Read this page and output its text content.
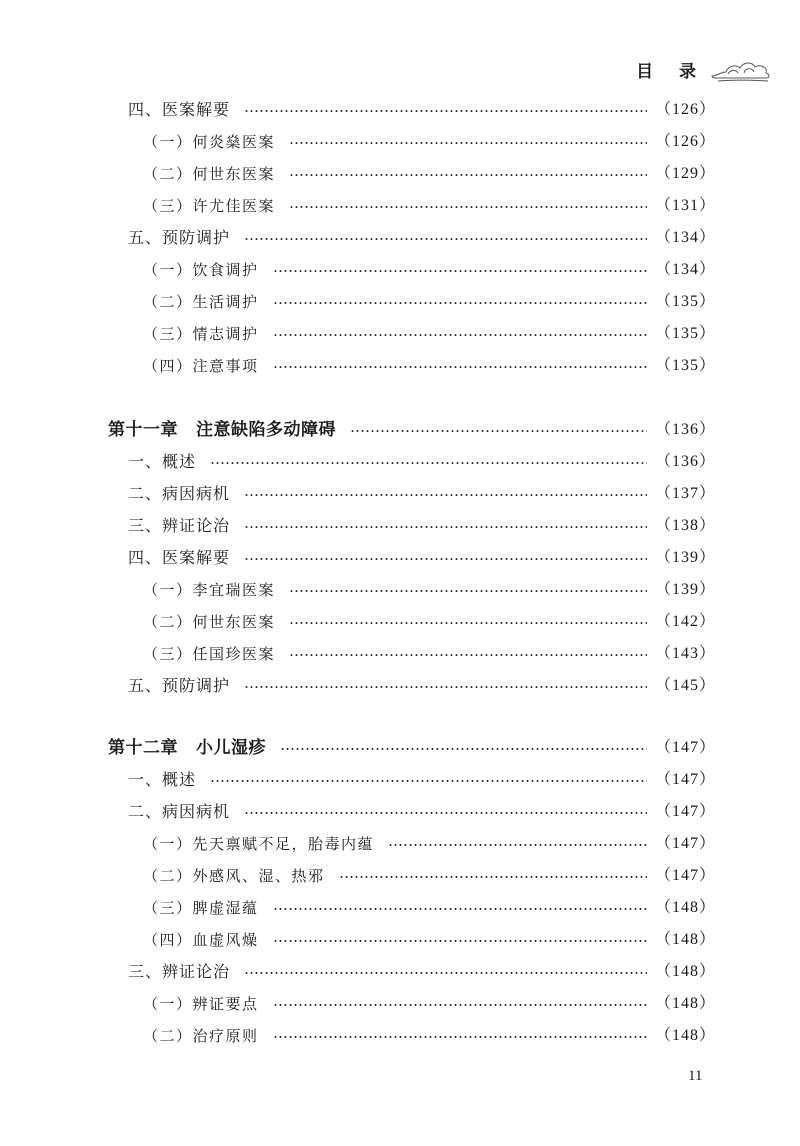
目 录
四、医案解要	（126）
（一）何炎燊医案	（126）
（二）何世东医案	（129）
（三）许尤佳医案	（131）
五、预防调护	（134）
（一）饮食调护	（134）
（二）生活调护	（135）
（三）情志调护	（135）
（四）注意事项	（135）
第十一章 注意缺陷多动障碍	（136）
一、概述	（136）
二、病因病机	（137）
三、辨证论治	（138）
四、医案解要	（139）
（一）李宜瑞医案	（139）
（二）何世东医案	（142）
（三）任国珍医案	（143）
五、预防调护	（145）
第十二章 小儿湿疹	（147）
一、概述	（147）
二、病因病机	（147）
（一）先天禀赋不足，胎毒内蕴	（147）
（二）外感风、湿、热邪	（147）
（三）脾虚湿蕴	（148）
（四）血虚风燥	（148）
三、辨证论治	（148）
（一）辨证要点	（148）
（二）治疗原则	（148）
11
